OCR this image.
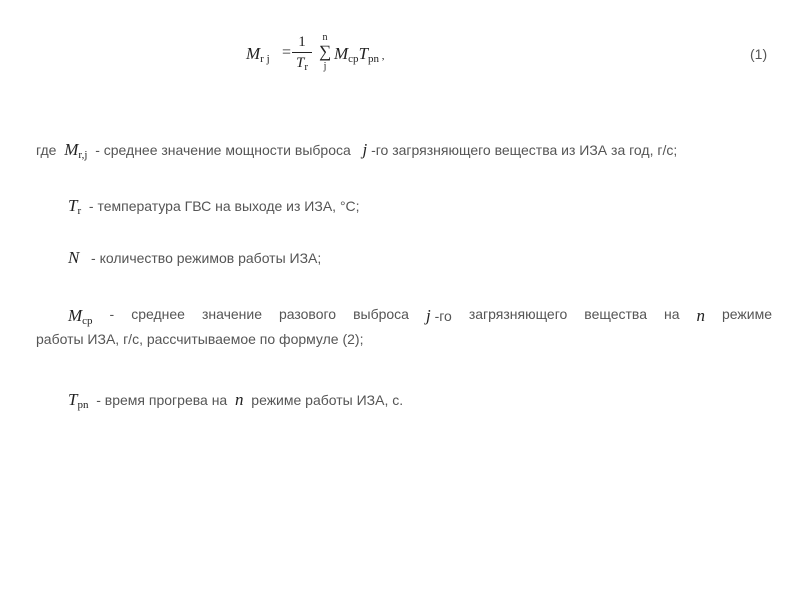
$M_{r j}$ =
1
$T_r$
n
∑
j
$M_{cp}T_{pn}$ ,	(1)
где $M_{r,j}$ - среднее значение мощности выброса j -го загрязняющего вещества из ИЗА за год, г/с;
$T_r$ - температура ГВС на выходе из ИЗА, °С;
N - количество режимов работы ИЗА;
$M_{cp}$ - среднее значение разового выброса j -го загрязняющего вещества на n режиме
работы ИЗА, г/с, рассчитываемое по формуле (2);
$T_{pn}$ - время прогрева на n режиме работы ИЗА, с.
